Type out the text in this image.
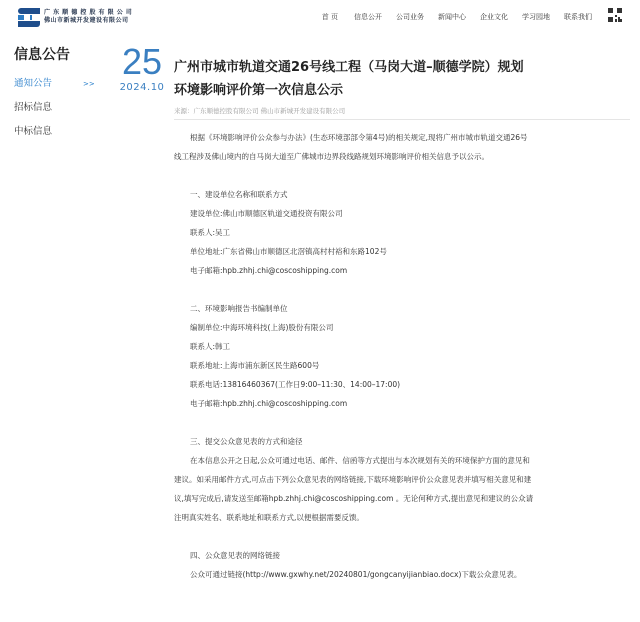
广 东 顺 德 控 股 有 限 公 司
佛山市新城开发建设有限公司	首 页 信息公开 公司业务 新闻中心 企业文化 学习园地 联系我们
信息公告
通知公告	>>
招标信息
中标信息
25
2024.10
广州市城市轨道交通26号线工程（马岗大道–顺德学院）规划
环境影响评价第一次信息公示
来源：广东顺德控股有限公司 佛山市新城开发建设有限公司

根据《环境影响评价公众参与办法》(生态环境部部令第4号)的相关规定,现将广州市城市轨道交通26号线工程涉及佛山境内的自马岗大道至广佛城市边界段线路规划环境影响评价相关信息予以公示。

一、建设单位名称和联系方式

建设单位:佛山市顺德区轨道交通投资有限公司

联系人:吴工

单位地址:广东省佛山市顺德区北滘镇高村村裕和东路102号

电子邮箱:hpb.zhhj.chi@coscoshipping.com

二、环境影响报告书编制单位

编制单位:中海环境科技(上海)股份有限公司

联系人:韩工

联系地址:上海市浦东新区民生路600号

联系电话:13816460367(工作日9:00–11:30、14:00–17:00)

电子邮箱:hpb.zhhj.chi@coscoshipping.com

三、提交公众意见表的方式和途径

在本信息公开之日起,公众可通过电话、邮件、信函等方式提出与本次规划有关的环境保护方面的意见和建议。如采用邮件方式,可点击下列公众意见表的网络链接,下载环境影响评价公众意见表并填写相关意见和建议,填写完成后,请发送至邮箱hpb.zhhj.chi@coscoshipping.com 。无论何种方式,提出意见和建议的公众请注明真实姓名、联系地址和联系方式,以便根据需要反馈。

四、公众意见表的网络链接

公众可通过链接(http://www.gxwhy.net/20240801/gongcanyijianbiao.docx)下载公众意见表。
